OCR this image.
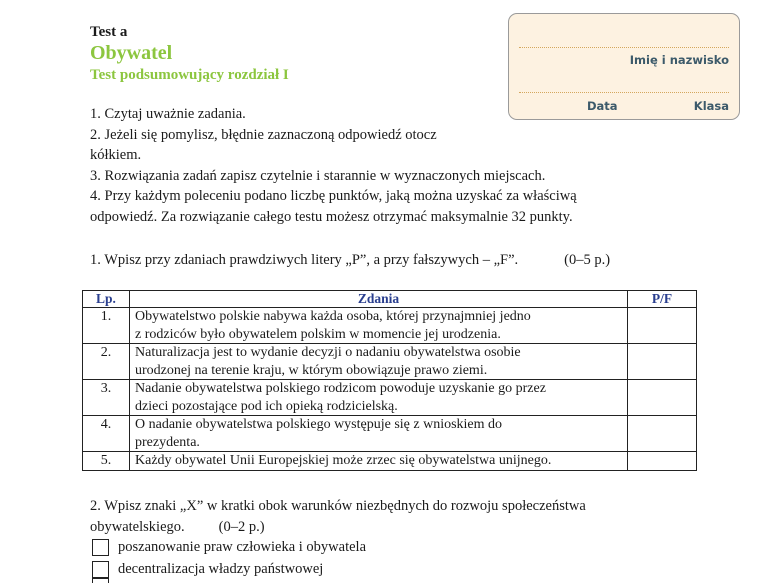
Test a
Obywatel
Test podsumowujący rozdział I
Imię i nazwisko
Data	Klasa
1. Czytaj uważnie zadania.
2. Jeżeli się pomylisz, błędnie zaznaczoną odpowiedź otocz
kółkiem.
3. Rozwiązania zadań zapisz czytelnie i starannie w wyznaczonych miejscach.
4. Przy każdym poleceniu podano liczbę punktów, jaką można uzyskać za właściwą
odpowiedź. Za rozwiązanie całego testu możesz otrzymać maksymalnie 32 punkty.
1. Wpisz przy zdaniach prawdziwych litery „P”, a przy fałszywych – „F”.	(0–5 p.)
Lp.	Zdania	P/F
1.	Obywatelstwo polskie nabywa każda osoba, której przynajmniej jedno
z rodziców było obywatelem polskim w momencie jej urodzenia.	

2.	Naturalizacja jest to wydanie decyzji o nadaniu obywatelstwa osobie
urodzonej na terenie kraju, w którym obowiązuje prawo ziemi.	

3.	Nadanie obywatelstwa polskiego rodzicom powoduje uzyskanie go przez
dzieci pozostające pod ich opieką rodzicielską.	

4.	O nadanie obywatelstwa polskiego występuje się z wnioskiem do
prezydenta.	

5.	Każdy obywatel Unii Europejskiej może zrzec się obywatelstwa unijnego.	

2. Wpisz znaki „X” w kratki obok warunków niezbędnych do rozwoju społeczeństwa
obywatelskiego. (0–2 p.)
poszanowanie praw człowieka i obywatela
decentralizacja władzy państwowej
